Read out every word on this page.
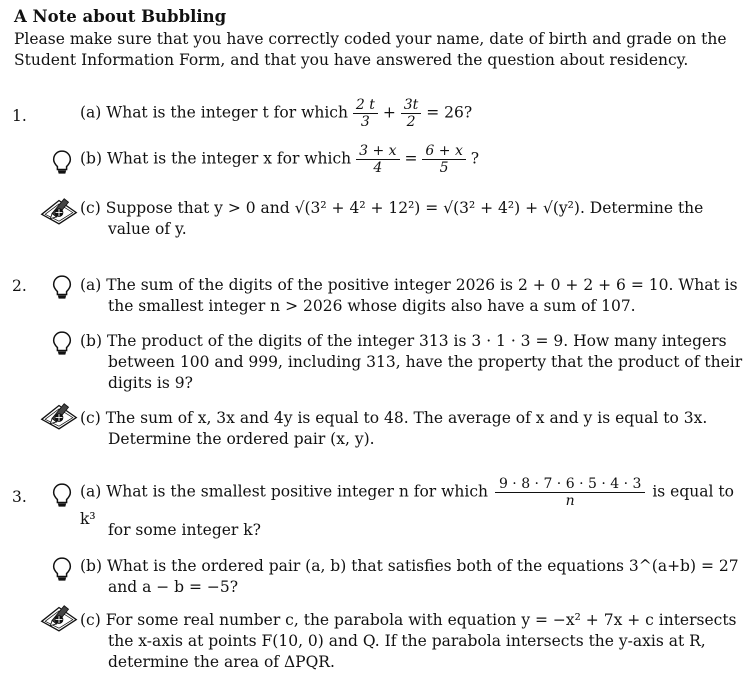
A Note about Bubbling
Please make sure that you have correctly coded your name, date of birth and grade on the Student Information Form, and that you have answered the question about residency.
1.	(a) What is the integer t for which $\frac{2 t}{3} + \frac{3t}{2} = 26$?
(b) What is the integer x for which $\frac{3 + x}{4} = \frac{6 + x}{5}$ ?
(c) Suppose that y > 0 and √(3² + 4² + 12²) = √(3² + 4²) + √(y²). Determine the value of y.
2.	(a) The sum of the digits of the positive integer 2026 is 2 + 0 + 2 + 6 = 10. What is the smallest integer n > 2026 whose digits also have a sum of 107.
(b) The product of the digits of the integer 313 is 3 · 1 · 3 = 9. How many integers between 100 and 999, including 313, have the property that the product of their digits is 9?
(c) The sum of x, 3x and 4y is equal to 48. The average of x and y is equal to 3x. Determine the ordered pair (x, y).
3.	(a) What is the smallest positive integer n for which $\frac{9 \cdot 8 \cdot 7 \cdot 6 \cdot 5 \cdot 4 \cdot 3}{n}$ is equal to k³
for some integer k?
(b) What is the ordered pair (a, b) that satisfies both of the equations 3^(a+b) = 27 and a − b = −5?
(c) For some real number c, the parabola with equation y = −x² + 7x + c intersects the x-axis at points F(10, 0) and Q. If the parabola intersects the y-axis at R, determine the area of ΔPQR.
